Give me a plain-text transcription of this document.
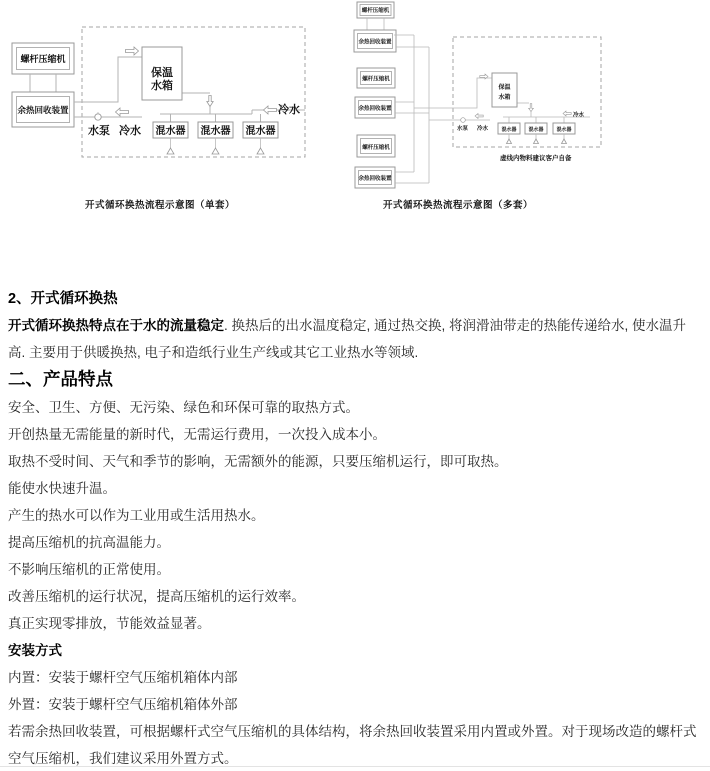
螺杆压缩机
余热回收装置
水泵 冷水
保温
水箱
冷水
混水器 混水器 混水器
开式循环换热流程示意图（单套）
螺杆压缩机
余热回收装置
螺杆压缩机
余热回收装置
螺杆压缩机
余热回收装置
水泵 冷水
保温
水箱
冷水
混水器 混水器	混水器
虚线内物料建议客户自备
开式循环换热流程示意图（多套）
2、开式循环换热

开式循环换热特点在于水的流量稳定. 换热后的出水温度稳定, 通过热交换, 将润滑油带走的热能传递给水, 使水温升高. 主要用于供暖换热, 电子和造纸行业生产线或其它工业热水等领域.

二、产品特点

安全、卫生、方便、无污染、绿色和环保可靠的取热方式。

开创热量无需能量的新时代，无需运行费用，一次投入成本小。

取热不受时间、天气和季节的影响，无需额外的能源，只要压缩机运行，即可取热。

能使水快速升温。

产生的热水可以作为工业用或生活用热水。

提高压缩机的抗高温能力。

不影响压缩机的正常使用。

改善压缩机的运行状况，提高压缩机的运行效率。

真正实现零排放，节能效益显著。

安装方式

内置：安装于螺杆空气压缩机箱体内部

外置：安装于螺杆空气压缩机箱体外部

若需余热回收装置，可根据螺杆式空气压缩机的具体结构，将余热回收装置采用内置或外置。对于现场改造的螺杆式空气压缩机，我们建议采用外置方式。
